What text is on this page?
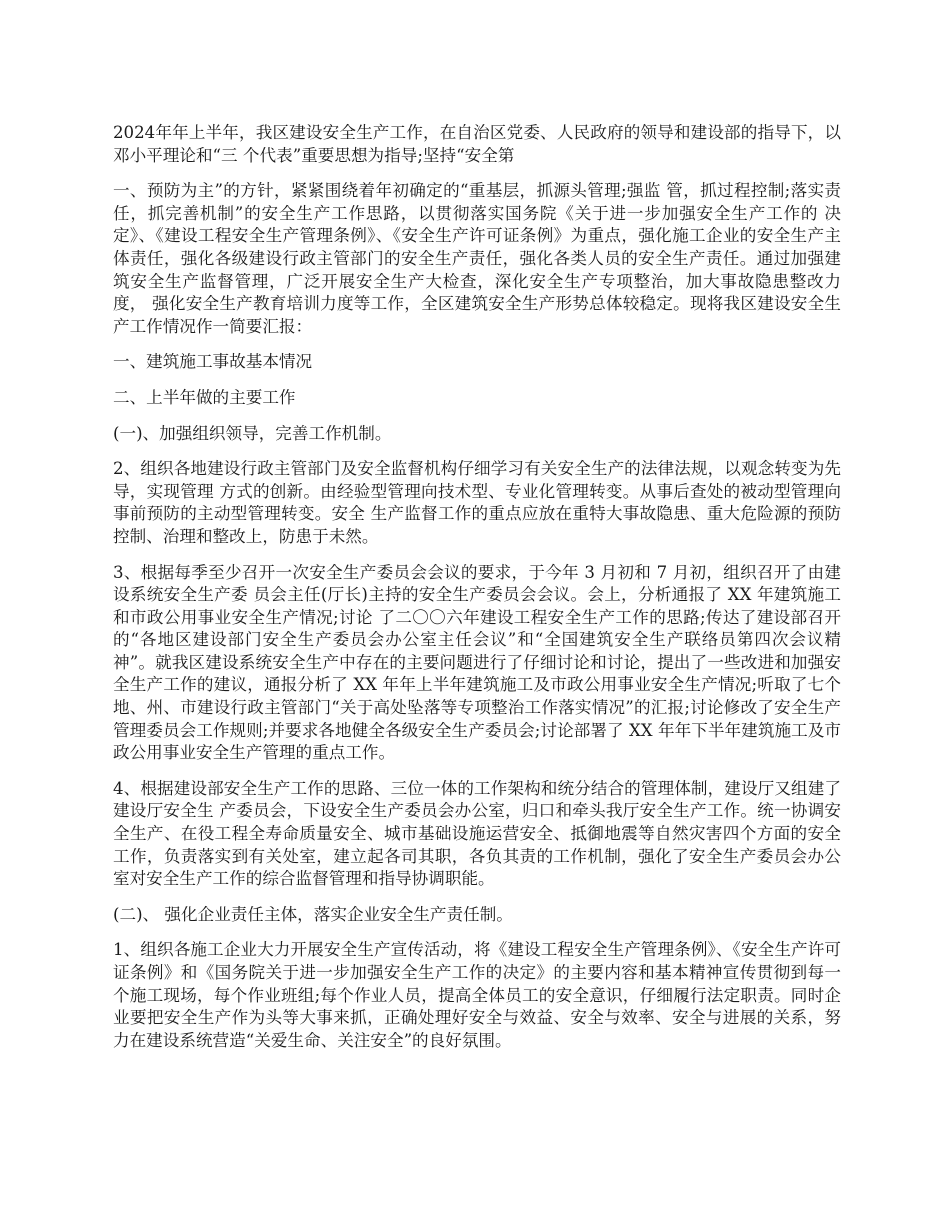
2024年年上半年，我区建设安全生产工作，在自治区党委、人民政府的领导和建设部的指导下，以邓小平理论和“三 个代表”重要思想为指导;坚持“安全第

一、预防为主”的方针，紧紧围绕着年初确定的“重基层，抓源头管理;强监 管，抓过程控制;落实责任，抓完善机制”的安全生产工作思路，以贯彻落实国务院《关于进一步加强安全生产工作的 决定》、《建设工程安全生产管理条例》、《安全生产许可证条例》为重点，强化施工企业的安全生产主体责任，强化各级建设行政主管部门的安全生产责任，强化各类人员的安全生产责任。通过加强建筑安全生产监督管理，广泛开展安全生产大检查，深化安全生产专项整治，加大事故隐患整改力度， 强化安全生产教育培训力度等工作，全区建筑安全生产形势总体较稳定。现将我区建设安全生产工作情况作一简要汇报：

一、建筑施工事故基本情况

二、上半年做的主要工作

(一)、加强组织领导，完善工作机制。

2、组织各地建设行政主管部门及安全监督机构仔细学习有关安全生产的法律法规，以观念转变为先导，实现管理 方式的创新。由经验型管理向技术型、专业化管理转变。从事后查处的被动型管理向事前预防的主动型管理转变。安全 生产监督工作的重点应放在重特大事故隐患、重大危险源的预防控制、治理和整改上，防患于未然。

3、根据每季至少召开一次安全生产委员会会议的要求，于今年 3 月初和 7 月初，组织召开了由建设系统安全生产委 员会主任(厅长)主持的安全生产委员会会议。会上，分析通报了 XX 年建筑施工和市政公用事业安全生产情况;讨论 了二〇〇六年建设工程安全生产工作的思路;传达了建设部召开的“各地区建设部门安全生产委员会办公室主任会议”和“全国建筑安全生产联络员第四次会议精神”。就我区建设系统安全生产中存在的主要问题进行了仔细讨论和讨论，提出了一些改进和加强安全生产工作的建议，通报分析了 XX 年年上半年建筑施工及市政公用事业安全生产情况;听取了七个地、州、市建设行政主管部门“关于高处坠落等专项整治工作落实情况”的汇报;讨论修改了安全生产管理委员会工作规则;并要求各地健全各级安全生产委员会;讨论部署了 XX 年年下半年建筑施工及市政公用事业安全生产管理的重点工作。

4、根据建设部安全生产工作的思路、三位一体的工作架构和统分结合的管理体制，建设厅又组建了建设厅安全生 产委员会，下设安全生产委员会办公室，归口和牵头我厅安全生产工作。统一协调安全生产、在役工程全寿命质量安全、城市基础设施运营安全、抵御地震等自然灾害四个方面的安全工作，负责落实到有关处室，建立起各司其职，各负其责的工作机制，强化了安全生产委员会办公室对安全生产工作的综合监督管理和指导协调职能。

(二)、 强化企业责任主体，落实企业安全生产责任制。

1、组织各施工企业大力开展安全生产宣传活动，将《建设工程安全生产管理条例》、《安全生产许可证条例》和《国务院关于进一步加强安全生产工作的决定》的主要内容和基本精神宣传贯彻到每一个施工现场，每个作业班组;每个作业人员，提高全体员工的安全意识，仔细履行法定职责。同时企业要把安全生产作为头等大事来抓，正确处理好安全与效益、安全与效率、安全与进展的关系，努力在建设系统营造“关爱生命、关注安全”的良好氛围。
